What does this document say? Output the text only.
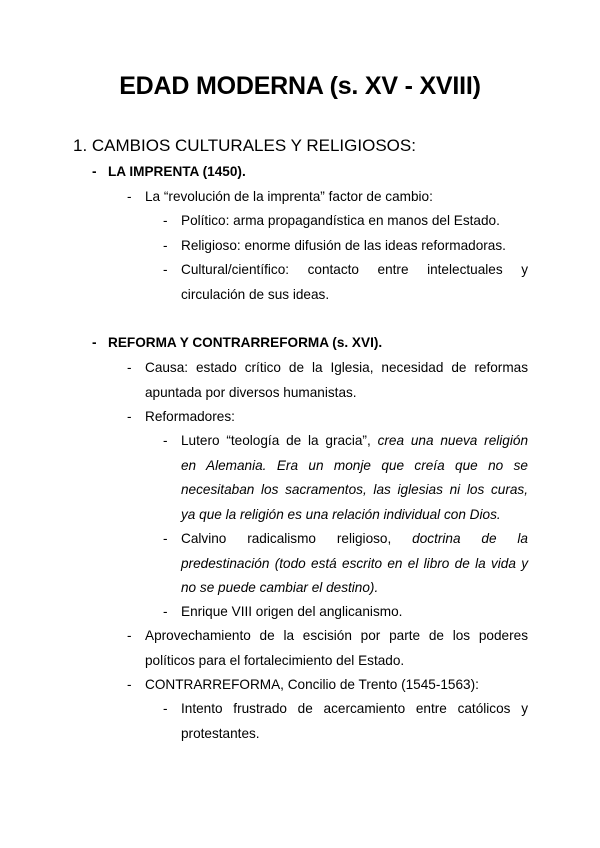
EDAD MODERNA (s. XV - XVIII)
1. CAMBIOS CULTURALES Y RELIGIOSOS:
- LA IMPRENTA (1450).
- La “revolución de la imprenta” factor de cambio:
- Político: arma propagandística en manos del Estado.
- Religioso: enorme difusión de las ideas reformadoras.
- Cultural/científico: contacto entre intelectuales y
circulación de sus ideas.
- REFORMA Y CONTRARREFORMA (s. XVI).
- Causa: estado crítico de la Iglesia, necesidad de reformas
apuntada por diversos humanistas.
- Reformadores:
- Lutero “teología de la gracia”, crea una nueva religión
en Alemania. Era un monje que creía que no se
necesitaban los sacramentos, las iglesias ni los curas,
ya que la religión es una relación individual con Dios.
- Calvino radicalismo religioso, doctrina de la
predestinación (todo está escrito en el libro de la vida y
no se puede cambiar el destino).
- Enrique VIII origen del anglicanismo.
- Aprovechamiento de la escisión por parte de los poderes
políticos para el fortalecimiento del Estado.
- CONTRARREFORMA, Concilio de Trento (1545-1563):
- Intento frustrado de acercamiento entre católicos y
protestantes.
